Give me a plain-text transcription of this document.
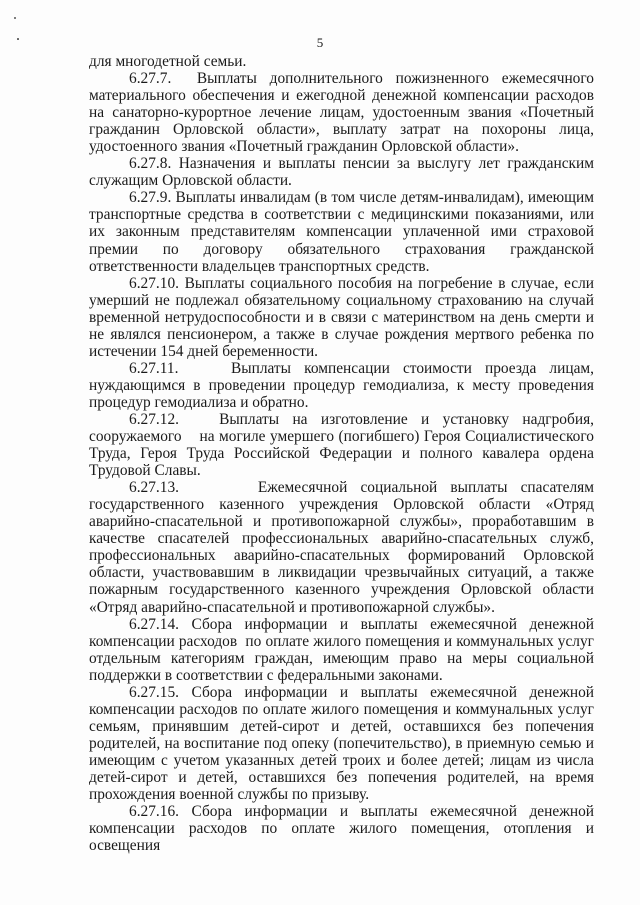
5

для многодетной семьи.

6.27.7.  Выплаты дополнительного пожизненного ежемесячного материального обеспечения и ежегодной денежной компенсации расходов на санаторно-курортное лечение лицам, удостоенным звания «Почетный гражданин Орловской области», выплату затрат на похороны лица, удостоенного звания «Почетный гражданин Орловской области».

6.27.8. Назначения и выплаты пенсии за выслугу лет гражданским служащим Орловской области.

6.27.9. Выплаты инвалидам (в том числе детям-инвалидам), имеющим транспортные средства в соответствии с медицинскими показаниями, или их законным представителям компенсации уплаченной ими страховой премии по договору обязательного страхования гражданской ответственности владельцев транспортных средств.

6.27.10. Выплаты социального пособия на погребение в случае, если умерший не подлежал обязательному социальному страхованию на случай временной нетрудоспособности и в связи с материнством на день смерти и не являлся пенсионером, а также в случае рождения мертвого ребенка по истечении 154 дней беременности.

6.27.11.    Выплаты компенсации стоимости проезда лицам, нуждающимся в проведении процедур гемодиализа, к месту проведения процедур гемодиализа и обратно.

6.27.12.   Выплаты на изготовление и установку надгробия, сооружаемого    на могиле умершего (погибшего) Героя Социалистического Труда, Героя Труда Российской Федерации и полного кавалера ордена Трудовой Славы.

6.27.13.      Ежемесячной социальной выплаты спасателям государственного казенного учреждения Орловской области «Отряд аварийно-спасательной и противопожарной службы», проработавшим в качестве спасателей профессиональных аварийно-спасательных служб, профессиональных аварийно-спасательных формирований Орловской области, участвовавшим в ликвидации чрезвычайных ситуаций, а также пожарным государственного казенного учреждения Орловской области «Отряд аварийно-спасательной и противопожарной службы».

6.27.14. Сбора информации и выплаты ежемесячной денежной компенсации расходов  по оплате жилого помещения и коммунальных услуг отдельным категориям граждан, имеющим право на меры социальной поддержки в соответствии с федеральными законами.

6.27.15. Сбора информации и выплаты ежемесячной денежной компенсации расходов по оплате жилого помещения и коммунальных услуг семьям, принявшим детей-сирот и детей, оставшихся без попечения родителей, на воспитание под опеку (попечительство), в приемную семью и имеющим с учетом указанных детей троих и более детей; лицам из числа детей-сирот и детей, оставшихся без попечения родителей, на время прохождения военной службы по призыву.

6.27.16. Сбора информации и выплаты ежемесячной денежной компенсации расходов по оплате жилого помещения, отопления и освещения
